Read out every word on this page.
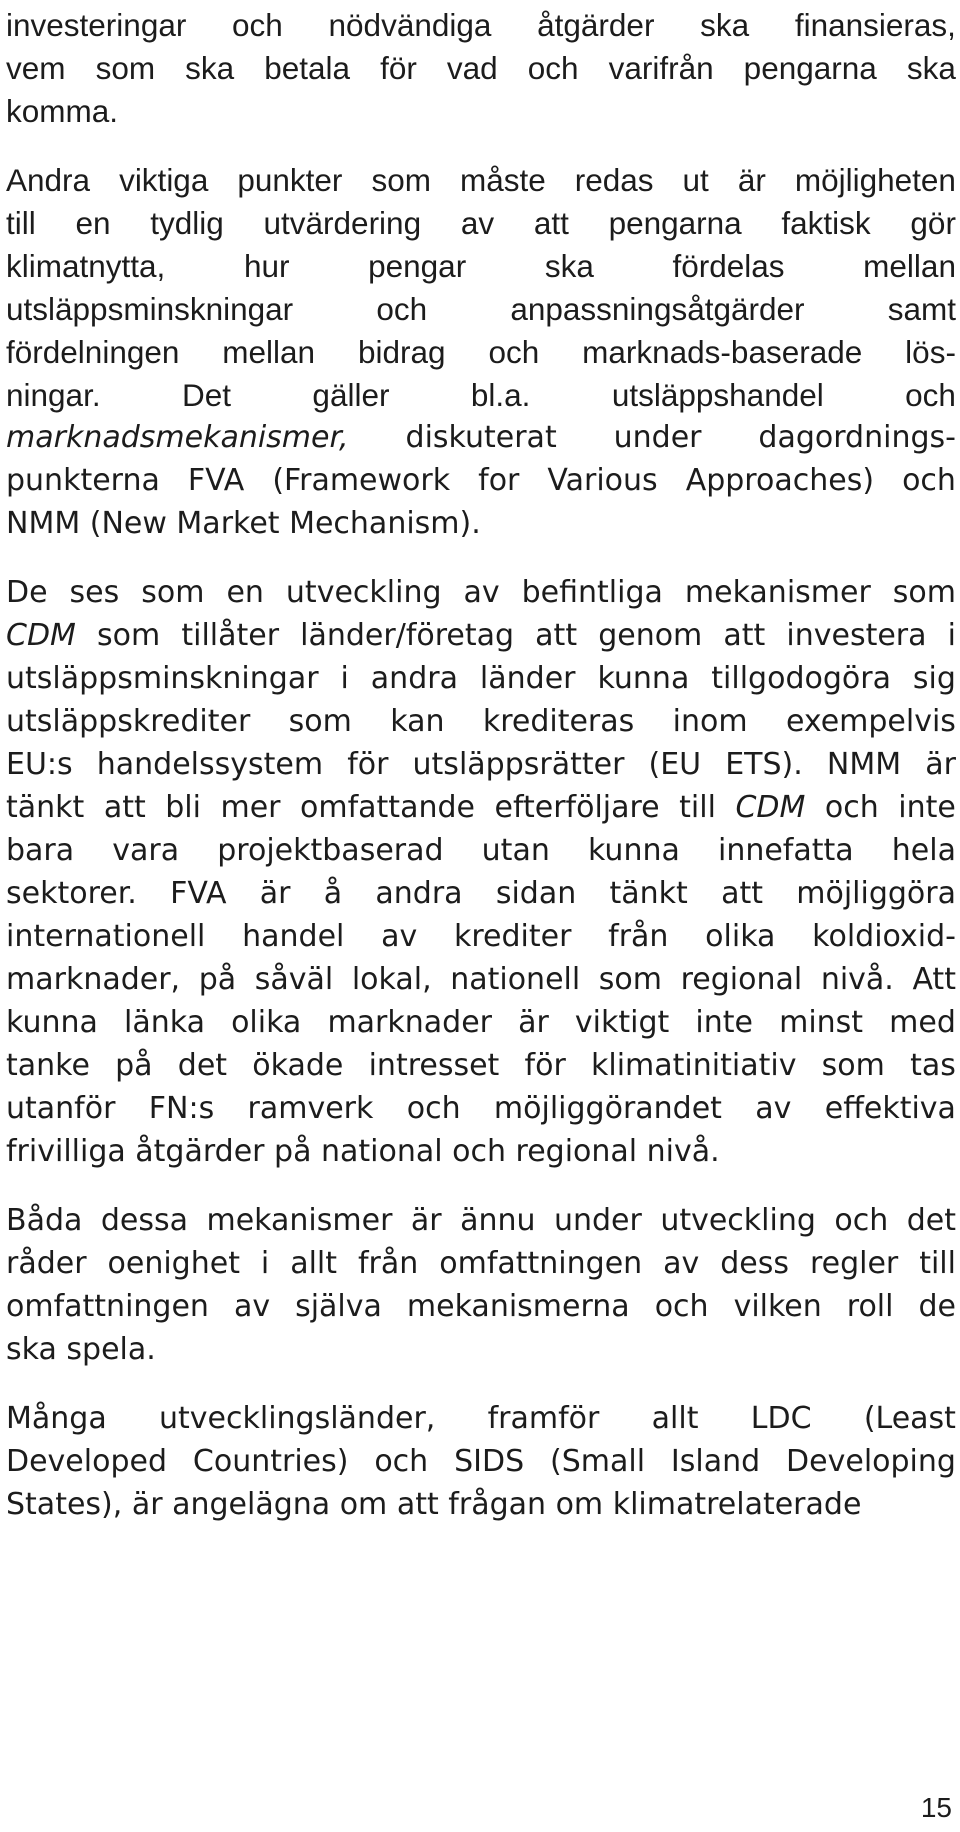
investeringar och nödvändiga åtgärder ska finansieras,
vem som ska betala för vad och varifrån pengarna ska
komma.
Andra viktiga punkter som måste redas ut är möjligheten
till en tydlig utvärdering av att pengarna faktisk gör
klimatnytta, hur pengar ska fördelas mellan
utsläppsminskningar	och	anpassningsåtgärder	samt
fördelningen mellan bidrag och marknads-baserade lös-
ningar.	Det	gäller	bl.a.	utsläppshandel	och
marknadsmekanismer, diskuterat under dagordnings-
punkterna FVA (Framework for Various Approaches) och
NMM (New Market Mechanism).
De ses som en utveckling av befintliga mekanismer som
CDM som tillåter länder/företag att genom att investera i
utsläppsminskningar i andra länder kunna tillgodogöra sig
utsläppskrediter som kan krediteras inom exempelvis
EU:s handelssystem för utsläppsrätter (EU ETS). NMM är
tänkt att bli mer omfattande efterföljare till CDM och inte
bara vara projektbaserad utan kunna innefatta hela
sektorer. FVA är å andra sidan tänkt att möjliggöra
internationell handel av krediter från olika koldioxid-
marknader, på såväl lokal, nationell som regional nivå. Att
kunna länka olika marknader är viktigt inte minst med
tanke på det ökade intresset för klimatinitiativ som tas
utanför FN:s ramverk och möjliggörandet av effektiva
frivilliga åtgärder på national och regional nivå.
Båda dessa mekanismer är ännu under utveckling och det
råder oenighet i allt från omfattningen av dess regler till
omfattningen av själva mekanismerna och vilken roll de
ska spela.
Många utvecklingsländer, framför allt LDC (Least
Developed Countries) och SIDS (Small Island Developing
States), är angelägna om att frågan om klimatrelaterade
15
